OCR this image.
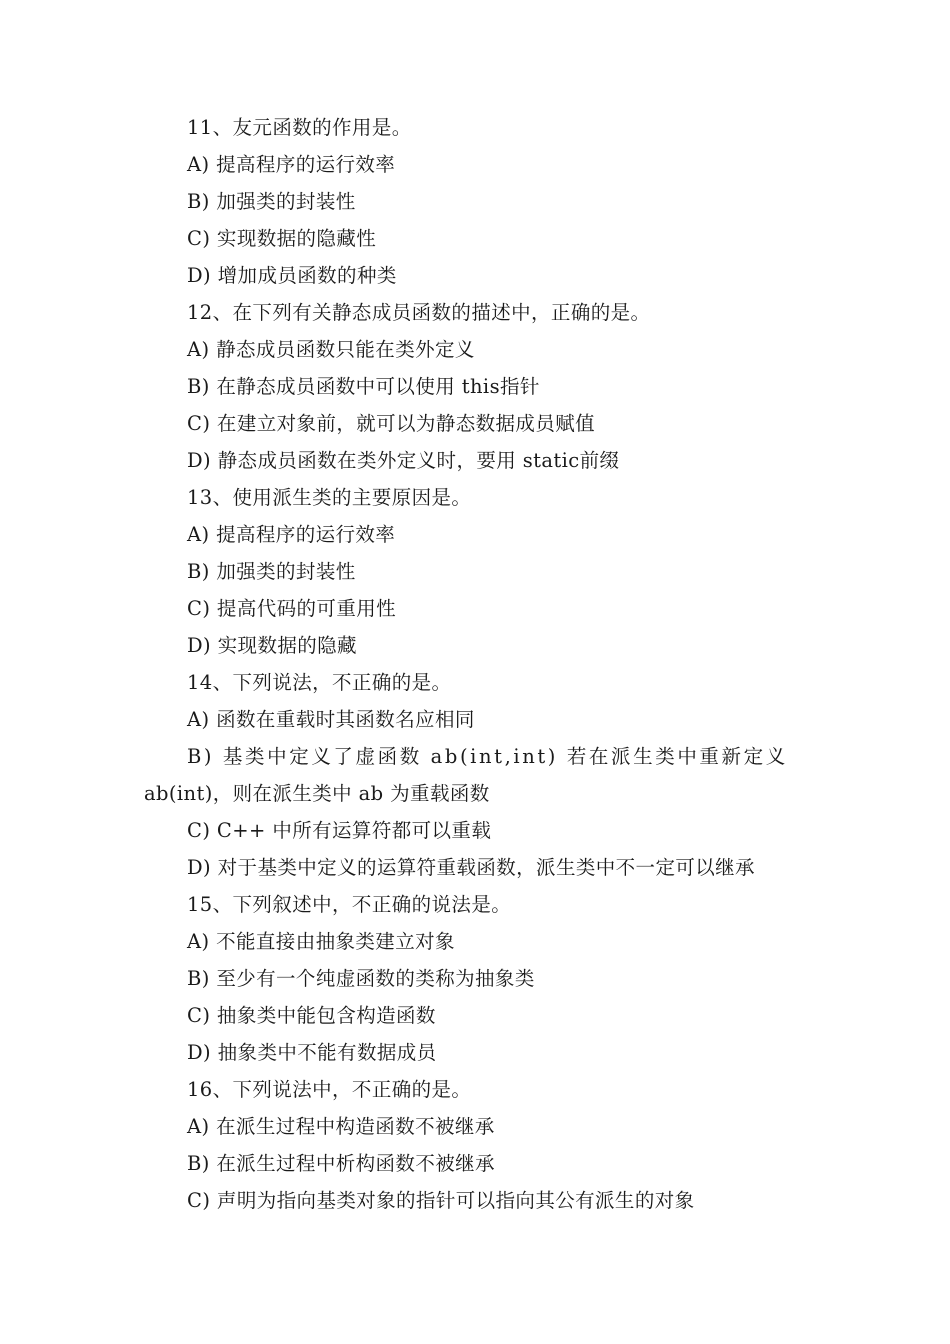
11、友元函数的作用是。
A) 提高程序的运行效率
B) 加强类的封装性
C) 实现数据的隐藏性
D) 增加成员函数的种类
12、在下列有关静态成员函数的描述中，正确的是。
A) 静态成员函数只能在类外定义
B) 在静态成员函数中可以使用 this指针
C) 在建立对象前，就可以为静态数据成员赋值
D) 静态成员函数在类外定义时，要用 static前缀
13、使用派生类的主要原因是。
A) 提高程序的运行效率
B) 加强类的封装性
C) 提高代码的可重用性
D) 实现数据的隐藏
14、下列说法，不正确的是。
A) 函数在重载时其函数名应相同
B) 基类中定义了虚函数 ab(int,int) 若在派生类中重新定义
ab(int)，则在派生类中 ab 为重载函数
C) C++ 中所有运算符都可以重载
D) 对于基类中定义的运算符重载函数，派生类中不一定可以继承
15、下列叙述中，不正确的说法是。
A) 不能直接由抽象类建立对象
B) 至少有一个纯虚函数的类称为抽象类
C) 抽象类中能包含构造函数
D) 抽象类中不能有数据成员
16、下列说法中，不正确的是。
A) 在派生过程中构造函数不被继承
B) 在派生过程中析构函数不被继承
C) 声明为指向基类对象的指针可以指向其公有派生的对象
